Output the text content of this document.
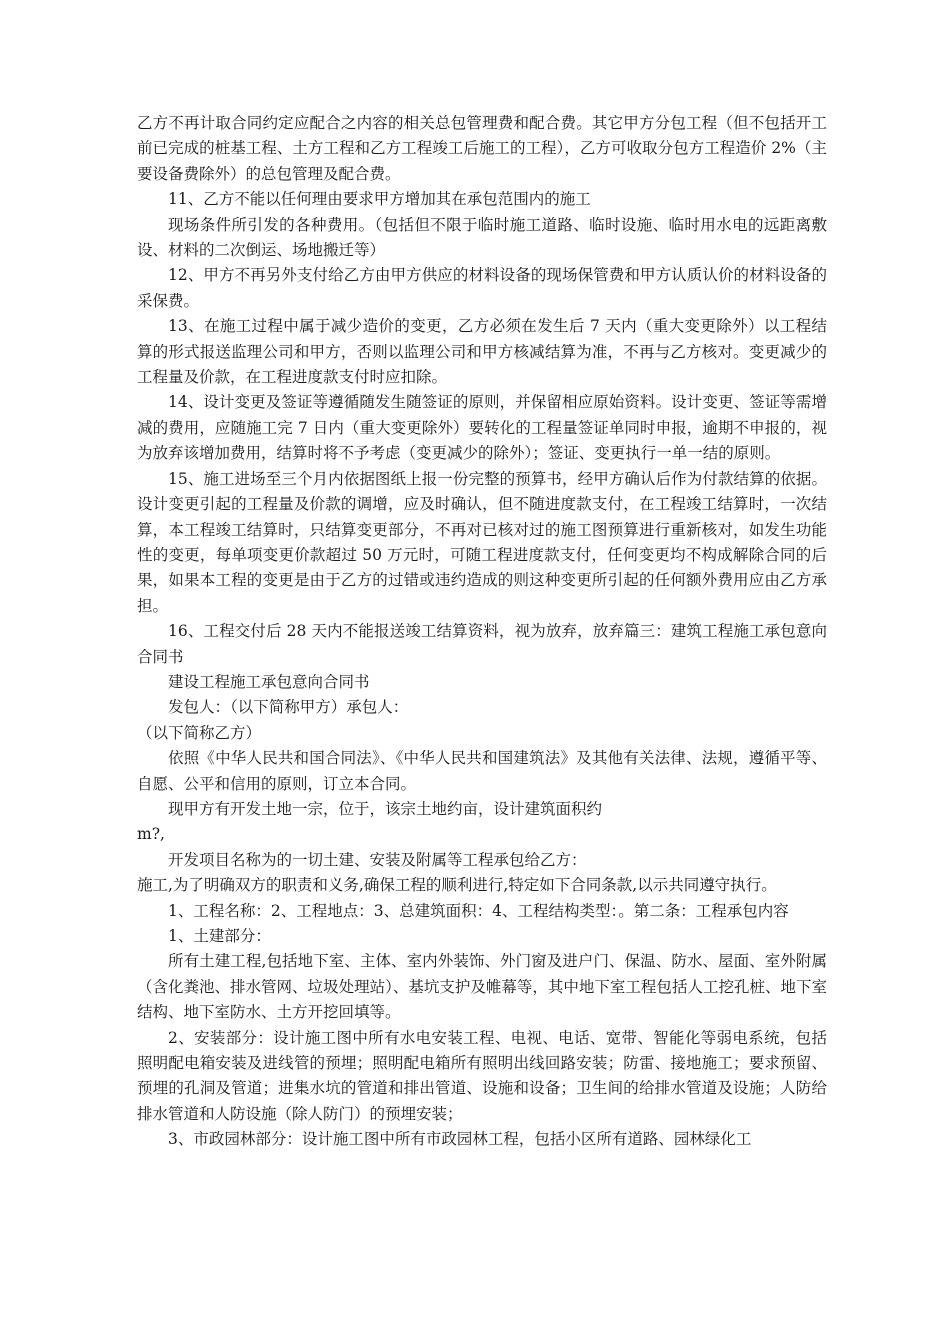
乙方不再计取合同约定应配合之内容的相关总包管理费和配合费。其它甲方分包工程（但不包括开工前已完成的桩基工程、土方工程和乙方工程竣工后施工的工程），乙方可收取分包方工程造价 2%（主要设备费除外）的总包管理及配合费。

11、乙方不能以任何理由要求甲方增加其在承包范围内的施工

现场条件所引发的各种费用。（包括但不限于临时施工道路、临时设施、临时用水电的远距离敷设、材料的二次倒运、场地搬迁等）

12、甲方不再另外支付给乙方由甲方供应的材料设备的现场保管费和甲方认质认价的材料设备的采保费。

13、在施工过程中属于减少造价的变更，乙方必须在发生后 7 天内（重大变更除外）以工程结算的形式报送监理公司和甲方，否则以监理公司和甲方核减结算为准，不再与乙方核对。变更减少的工程量及价款，在工程进度款支付时应扣除。

14、设计变更及签证等遵循随发生随签证的原则，并保留相应原始资料。设计变更、签证等需增减的费用，应随施工完 7 日内（重大变更除外）要转化的工程量签证单同时申报，逾期不申报的，视为放弃该增加费用，结算时将不予考虑（变更减少的除外）；签证、变更执行一单一结的原则。

15、施工进场至三个月内依据图纸上报一份完整的预算书，经甲方确认后作为付款结算的依据。设计变更引起的工程量及价款的调增，应及时确认，但不随进度款支付，在工程竣工结算时，一次结算，本工程竣工结算时，只结算变更部分，不再对已核对过的施工图预算进行重新核对，如发生功能性的变更，每单项变更价款超过 50 万元时，可随工程进度款支付，任何变更均不构成解除合同的后果，如果本工程的变更是由于乙方的过错或违约造成的则这种变更所引起的任何额外费用应由乙方承担。

16、工程交付后 28 天内不能报送竣工结算资料，视为放弃，放弃篇三：建筑工程施工承包意向合同书

建设工程施工承包意向合同书

发包人：（以下简称甲方）承包人：

（以下简称乙方）

依照《中华人民共和国合同法》、《中华人民共和国建筑法》及其他有关法律、法规，遵循平等、自愿、公平和信用的原则，订立本合同。

现甲方有开发土地一宗，位于，该宗土地约亩，设计建筑面积约

m?,

开发项目名称为的一切土建、安装及附属等工程承包给乙方：

施工,为了明确双方的职责和义务,确保工程的顺利进行,特定如下合同条款,以示共同遵守执行。

1、工程名称：2、工程地点：3、总建筑面积：4、工程结构类型：。第二条：工程承包内容

1、土建部分：

所有土建工程,包括地下室、主体、室内外装饰、外门窗及进户门、保温、防水、屋面、室外附属（含化粪池、排水管网、垃圾处理站）、基坑支护及帷幕等，其中地下室工程包括人工挖孔桩、地下室结构、地下室防水、土方开挖回填等。

2、安装部分：设计施工图中所有水电安装工程、电视、电话、宽带、智能化等弱电系统，包括照明配电箱安装及进线管的预埋；照明配电箱所有照明出线回路安装；防雷、接地施工；要求预留、预埋的孔洞及管道；进集水坑的管道和排出管道、设施和设备；卫生间的给排水管道及设施；人防给排水管道和人防设施（除人防门）的预埋安装；

3、市政园林部分：设计施工图中所有市政园林工程，包括小区所有道路、园林绿化工
